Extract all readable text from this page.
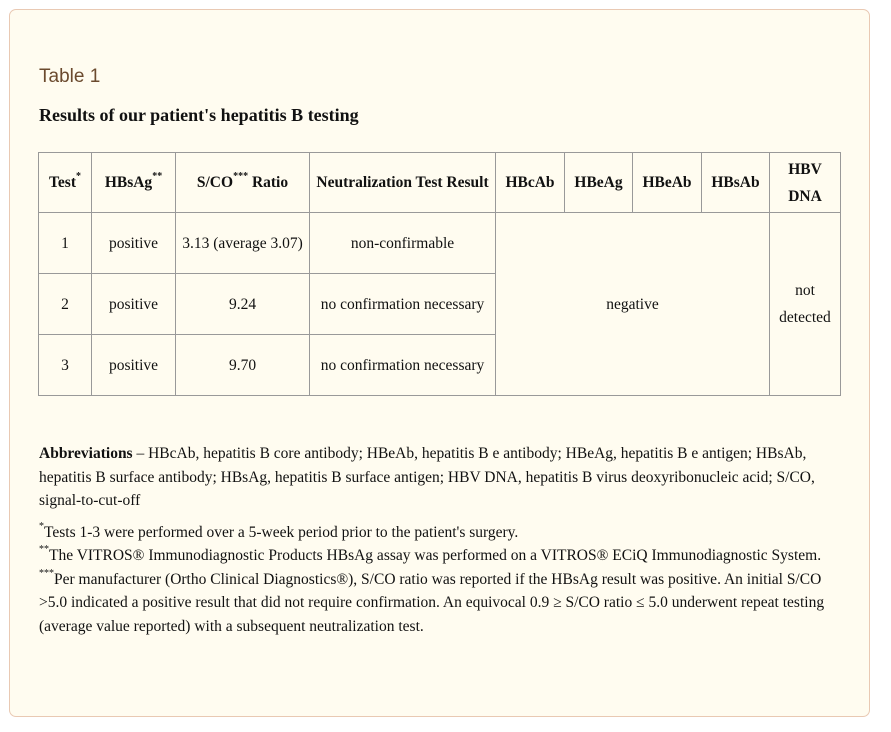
Table 1
Results of our patient's hepatitis B testing
Test*	HBsAg**	S/CO*** Ratio	Neutralization Test Result	HBcAb	HBeAg	HBeAb	HBsAb	HBV DNA
1	positive	3.13 (average 3.07)	non-confirmable	negative				not detected
2	positive	9.24	no confirmation necessary					
3	positive	9.70	no confirmation necessary					

Abbreviations – HBcAb, hepatitis B core antibody; HBeAb, hepatitis B e antibody; HBeAg, hepatitis B e antigen; HBsAb, hepatitis B surface antibody; HBsAg, hepatitis B surface antigen; HBV DNA, hepatitis B virus deoxyribonucleic acid; S/CO, signal-to-cut-off

*Tests 1-3 were performed over a 5-week period prior to the patient's surgery.
**The VITROS® Immunodiagnostic Products HBsAg assay was performed on a VITROS® ECiQ Immunodiagnostic System.
***Per manufacturer (Ortho Clinical Diagnostics®), S/CO ratio was reported if the HBsAg result was positive. An initial S/CO >5.0 indicated a positive result that did not require confirmation. An equivocal 0.9 ≥ S/CO ratio ≤ 5.0 underwent repeat testing (average value reported) with a subsequent neutralization test.
